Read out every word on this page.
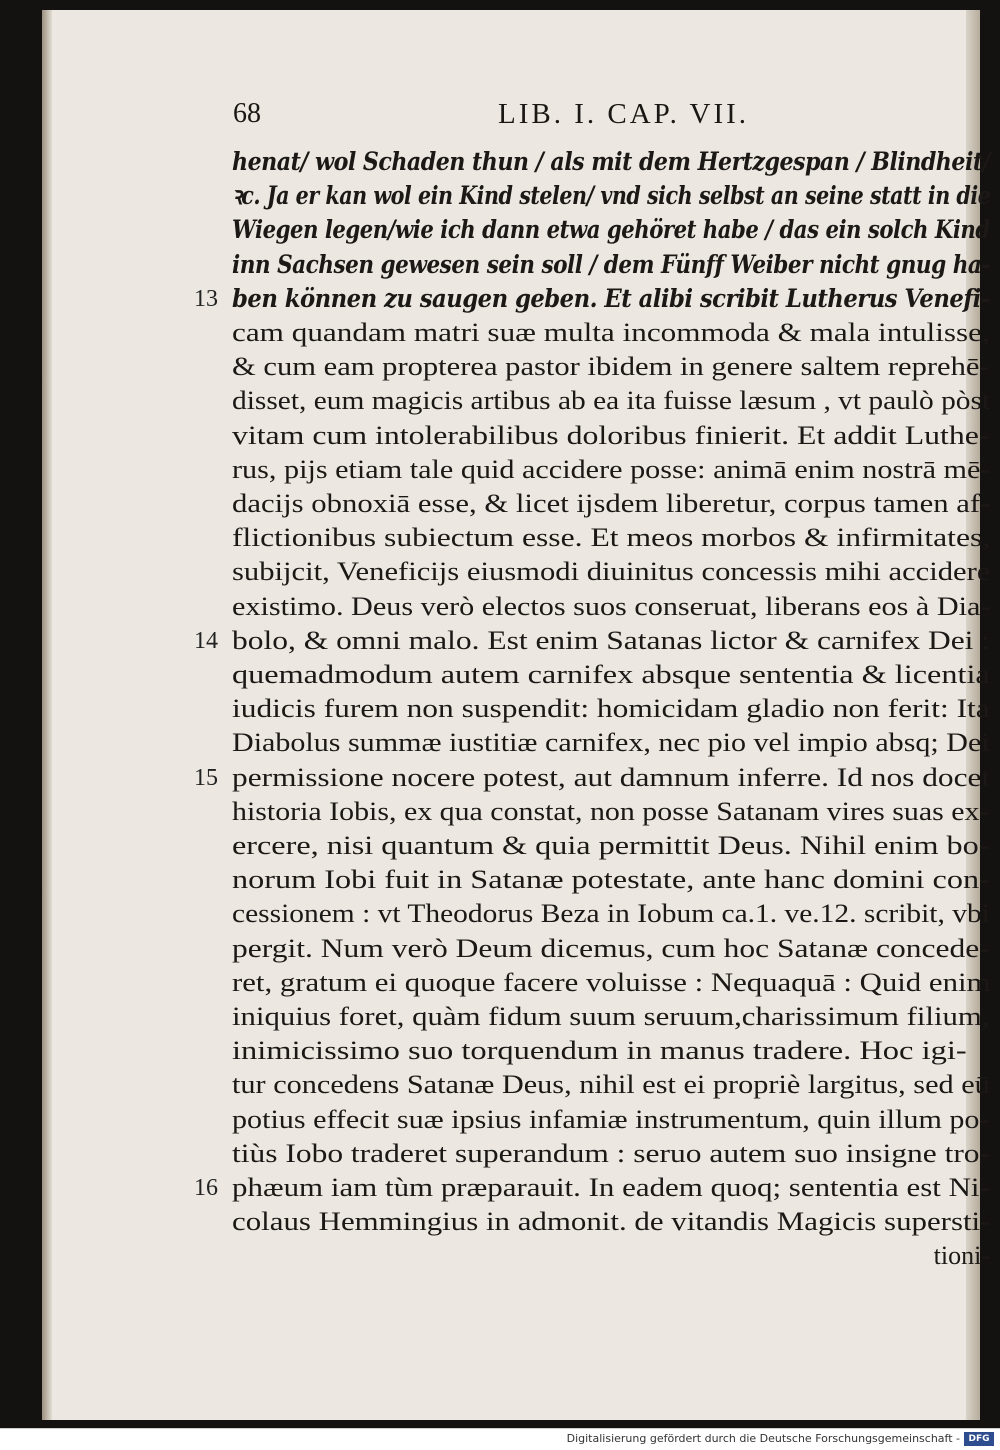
68	LIB. I. CAP. VII.
henat/ wol Schaden thun / als mit dem Hertzgespan / Blindheit/
ꝛc. Ja er kan wol ein Kind stelen/ vnd sich selbst an seine statt in die
Wiegen legen/wie ich dann etwa gehöret habe / das ein solch Kind
inn Sachsen gewesen sein soll / dem Fünff Weiber nicht gnug ha-
13 ben können zu saugen geben. Et alibi scribit Lutherus Venefi-
cam quandam matri suæ multa incommoda & mala intulisse,
& cum eam propterea pastor ibidem in genere saltem reprehē-
disset, eum magicis artibus ab ea ita fuisse læsum , vt paulò pòst
vitam cum intolerabilibus doloribus finierit. Et addit Luthe-
rus, pijs etiam tale quid accidere posse: animā enim nostrā mē-
dacijs obnoxiā esse, & licet ijsdem liberetur, corpus tamen af-
flictionibus subiectum esse. Et meos morbos & infirmitates,
subijcit, Veneficijs eiusmodi diuinitus concessis mihi accidere
existimo. Deus verò electos suos conseruat, liberans eos à Dia-
14 bolo, & omni malo. Est enim Satanas lictor & carnifex Dei :
quemadmodum autem carnifex absque sententia & licentia
iudicis furem non suspendit: homicidam gladio non ferit: Ita
Diabolus summæ iustitiæ carnifex, nec pio vel impio absq; Dei
15 permissione nocere potest, aut damnum inferre. Id nos docet
historia Iobis, ex qua constat, non posse Satanam vires suas ex-
ercere, nisi quantum & quia permittit Deus. Nihil enim bo-
norum Iobi fuit in Satanæ potestate, ante hanc domini con-
cessionem : vt Theodorus Beza in Iobum ca.1. ve.12. scribit, vbi
pergit. Num verò Deum dicemus, cum hoc Satanæ concede-
ret, gratum ei quoque facere voluisse : Nequaquā : Quid enim
iniquius foret, quàm fidum suum seruum,charissimum filium,
inimicissimo suo torquendum in manus tradere. Hoc igi-
tur concedens Satanæ Deus, nihil est ei propriè largitus, sed eū
potius effecit suæ ipsius infamiæ instrumentum, quin illum po-
tiùs Iobo traderet superandum : seruo autem suo insigne tro-
16 phæum iam tùm præparauit. In eadem quoq; sententia est Ni-
colaus Hemmingius in admonit. de vitandis Magicis supersti-
tioni-
Digitalisierung gefördert durch die Deutsche Forschungsgemeinschaft - DFG
